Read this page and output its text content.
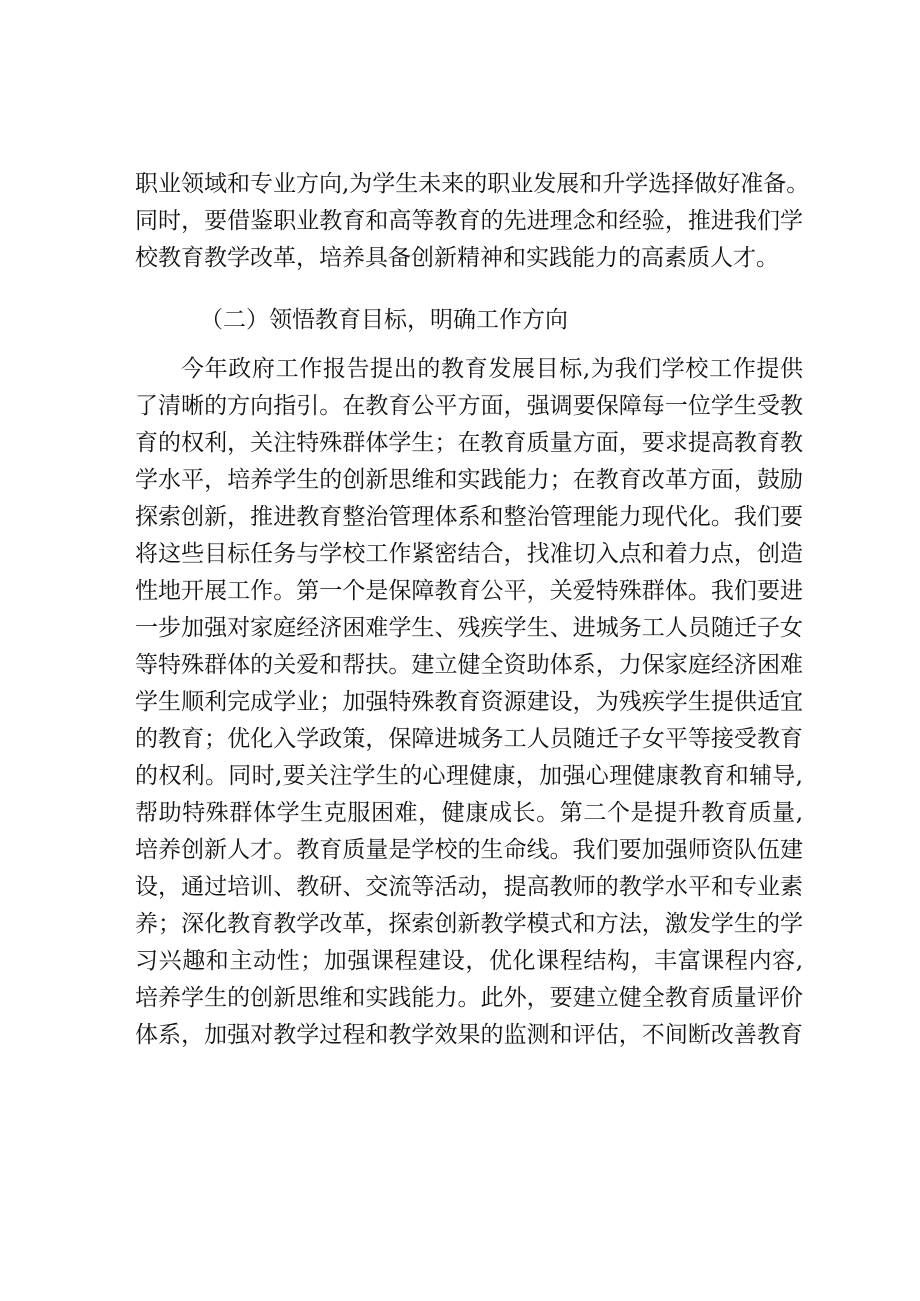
职业领域和专业方向,为学生未来的职业发展和升学选择做好准备。
同时，要借鉴职业教育和高等教育的先进理念和经验，推进我们学
校教育教学改革，培养具备创新精神和实践能力的高素质人才。
（二）领悟教育目标，明确工作方向
今年政府工作报告提出的教育发展目标,为我们学校工作提供
了清晰的方向指引。在教育公平方面，强调要保障每一位学生受教
育的权利，关注特殊群体学生；在教育质量方面，要求提高教育教
学水平，培养学生的创新思维和实践能力；在教育改革方面，鼓励
探索创新，推进教育整治管理体系和整治管理能力现代化。我们要
将这些目标任务与学校工作紧密结合，找准切入点和着力点，创造
性地开展工作。第一个是保障教育公平，关爱特殊群体。我们要进
一步加强对家庭经济困难学生、残疾学生、进城务工人员随迁子女
等特殊群体的关爱和帮扶。建立健全资助体系，力保家庭经济困难
学生顺利完成学业；加强特殊教育资源建设，为残疾学生提供适宜
的教育；优化入学政策，保障进城务工人员随迁子女平等接受教育
的权利。同时,要关注学生的心理健康，加强心理健康教育和辅导,
帮助特殊群体学生克服困难，健康成长。第二个是提升教育质量,
培养创新人才。教育质量是学校的生命线。我们要加强师资队伍建
设，通过培训、教研、交流等活动，提高教师的教学水平和专业素
养；深化教育教学改革，探索创新教学模式和方法，激发学生的学
习兴趣和主动性；加强课程建设，优化课程结构，丰富课程内容,
培养学生的创新思维和实践能力。此外，要建立健全教育质量评价
体系，加强对教学过程和教学效果的监测和评估，不间断改善教育
